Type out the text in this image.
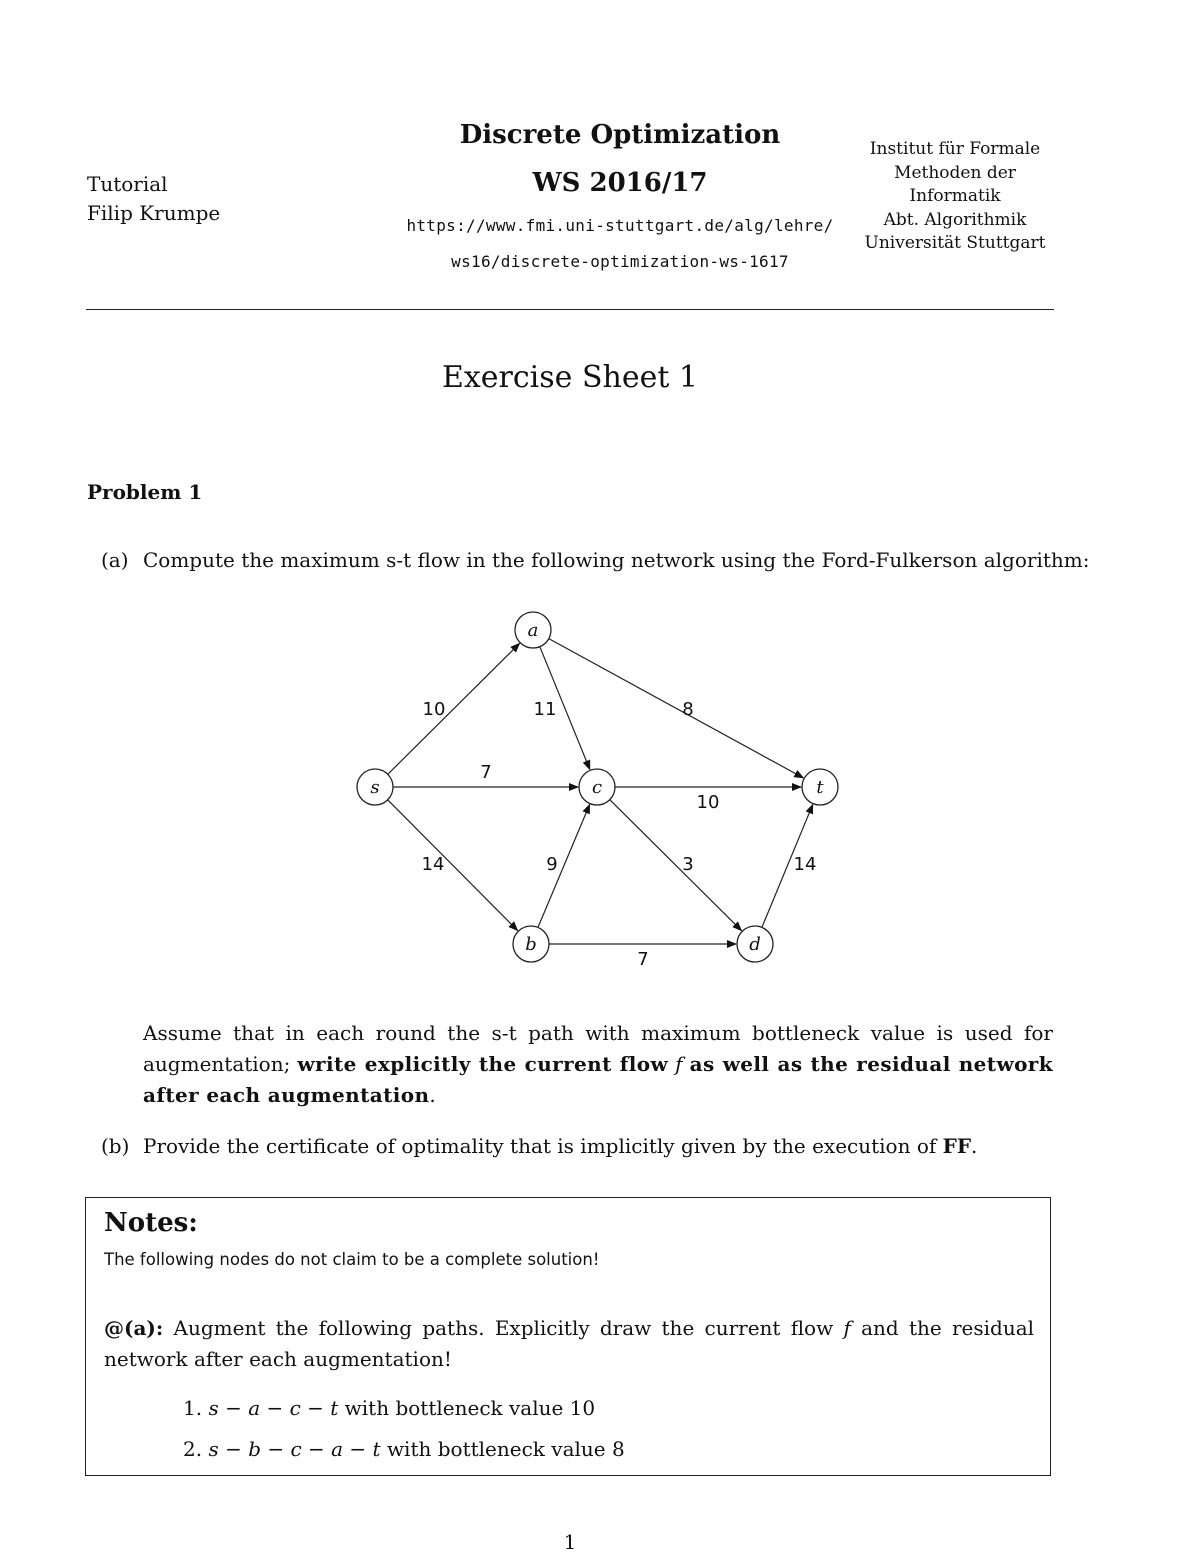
Tutorial
Filip Krumpe
Discrete Optimization
WS 2016/17
https://www.fmi.uni-stuttgart.de/alg/lehre/
ws16/discrete-optimization-ws-1617
Institut für Formale
Methoden der
Informatik
Abt. Algorithmik
Universität Stuttgart
Exercise Sheet 1
Problem 1
(a) Compute the maximum s-t flow in the following network using the Ford-Fulkerson algorithm:
10
7
14
11	8
10
9	3	14
7
s
a
b
c
d
t
Assume that in each round the s-t path with maximum bottleneck value is used for augmentation; write explicitly the current flow f as well as the residual network after each augmentation.
(b) Provide the certificate of optimality that is implicitly given by the execution of FF.
Notes:
The following nodes do not claim to be a complete solution!
@(a): Augment the following paths. Explicitly draw the current flow f and the residual network after each augmentation!
1. s − a − c − t with bottleneck value 10
2. s − b − c − a − t with bottleneck value 8
1
